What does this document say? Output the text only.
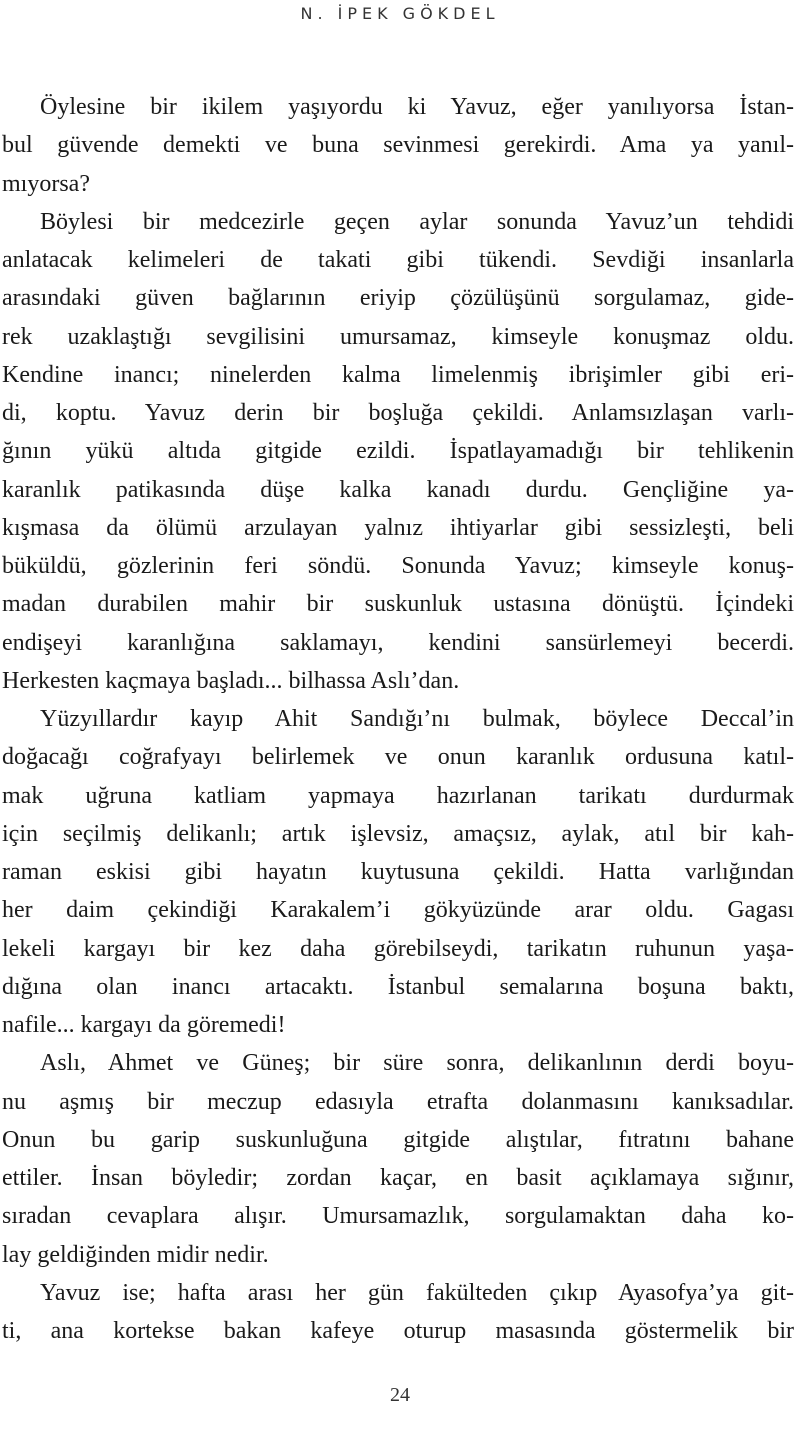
N. İPEK GÖKDEL
Öylesine bir ikilem yaşıyordu ki Yavuz, eğer yanılıyorsa İstan-
bul güvende demekti ve buna sevinmesi gerekirdi. Ama ya yanıl-
mıyorsa?
Böylesi bir medcezirle geçen aylar sonunda Yavuz’un tehdidi
anlatacak kelimeleri de takati gibi tükendi. Sevdiği insanlarla
arasındaki güven bağlarının eriyip çözülüşünü sorgulamaz, gide-
rek uzaklaştığı sevgilisini umursamaz, kimseyle konuşmaz oldu.
Kendine inancı; ninelerden kalma limelenmiş ibrişimler gibi eri-
di, koptu. Yavuz derin bir boşluğa çekildi. Anlamsızlaşan varlı-
ğının yükü altıda gitgide ezildi. İspatlayamadığı bir tehlikenin
karanlık patikasında düşe kalka kanadı durdu. Gençliğine ya-
kışmasa da ölümü arzulayan yalnız ihtiyarlar gibi sessizleşti, beli
büküldü, gözlerinin feri söndü. Sonunda Yavuz; kimseyle konuş-
madan durabilen mahir bir suskunluk ustasına dönüştü. İçindeki
endişeyi karanlığına saklamayı, kendini sansürlemeyi becerdi.
Herkesten kaçmaya başladı... bilhassa Aslı’dan.
Yüzyıllardır kayıp Ahit Sandığı’nı bulmak, böylece Deccal’in
doğacağı coğrafyayı belirlemek ve onun karanlık ordusuna katıl-
mak uğruna katliam yapmaya hazırlanan tarikatı durdurmak
için seçilmiş delikanlı; artık işlevsiz, amaçsız, aylak, atıl bir kah-
raman eskisi gibi hayatın kuytusuna çekildi. Hatta varlığından
her daim çekindiği Karakalem’i gökyüzünde arar oldu. Gagası
lekeli kargayı bir kez daha görebilseydi, tarikatın ruhunun yaşa-
dığına olan inancı artacaktı. İstanbul semalarına boşuna baktı,
nafile... kargayı da göremedi!
Aslı, Ahmet ve Güneş; bir süre sonra, delikanlının derdi boyu-
nu aşmış bir meczup edasıyla etrafta dolanmasını kanıksadılar.
Onun bu garip suskunluğuna gitgide alıştılar, fıtratını bahane
ettiler. İnsan böyledir; zordan kaçar, en basit açıklamaya sığınır,
sıradan cevaplara alışır. Umursamazlık, sorgulamaktan daha ko-
lay geldiğinden midir nedir.
Yavuz ise; hafta arası her gün fakülteden çıkıp Ayasofya’ya git-
ti, ana kortekse bakan kafeye oturup masasında göstermelik bir
24
